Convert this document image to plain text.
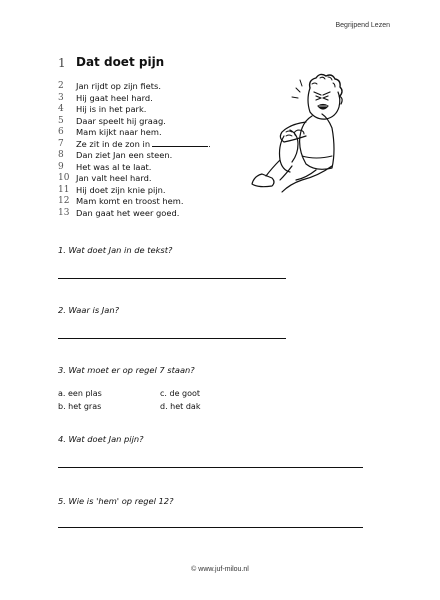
Begrijpend Lezen
1 Dat doet pijn
2	Jan rijdt op zijn fiets.
3	Hij gaat heel hard.
4	Hij is in het park.
5	Daar speelt hij graag.
6	Mam kijkt naar hem.
7	Ze zit in de zon in	.
8	Dan ziet Jan een steen.
9	Het was al te laat.
10 Jan valt heel hard.
11 Hij doet zijn knie pijn.
12 Mam komt en troost hem.
13 Dan gaat het weer goed.
1. Wat doet Jan in de tekst?
2. Waar is Jan?
3. Wat moet er op regel 7 staan?
a. een plas	c. de goot
b. het gras	d. het dak
4. Wat doet Jan pijn?
5. Wie is 'hem' op regel 12?
© www.juf-milou.nl
